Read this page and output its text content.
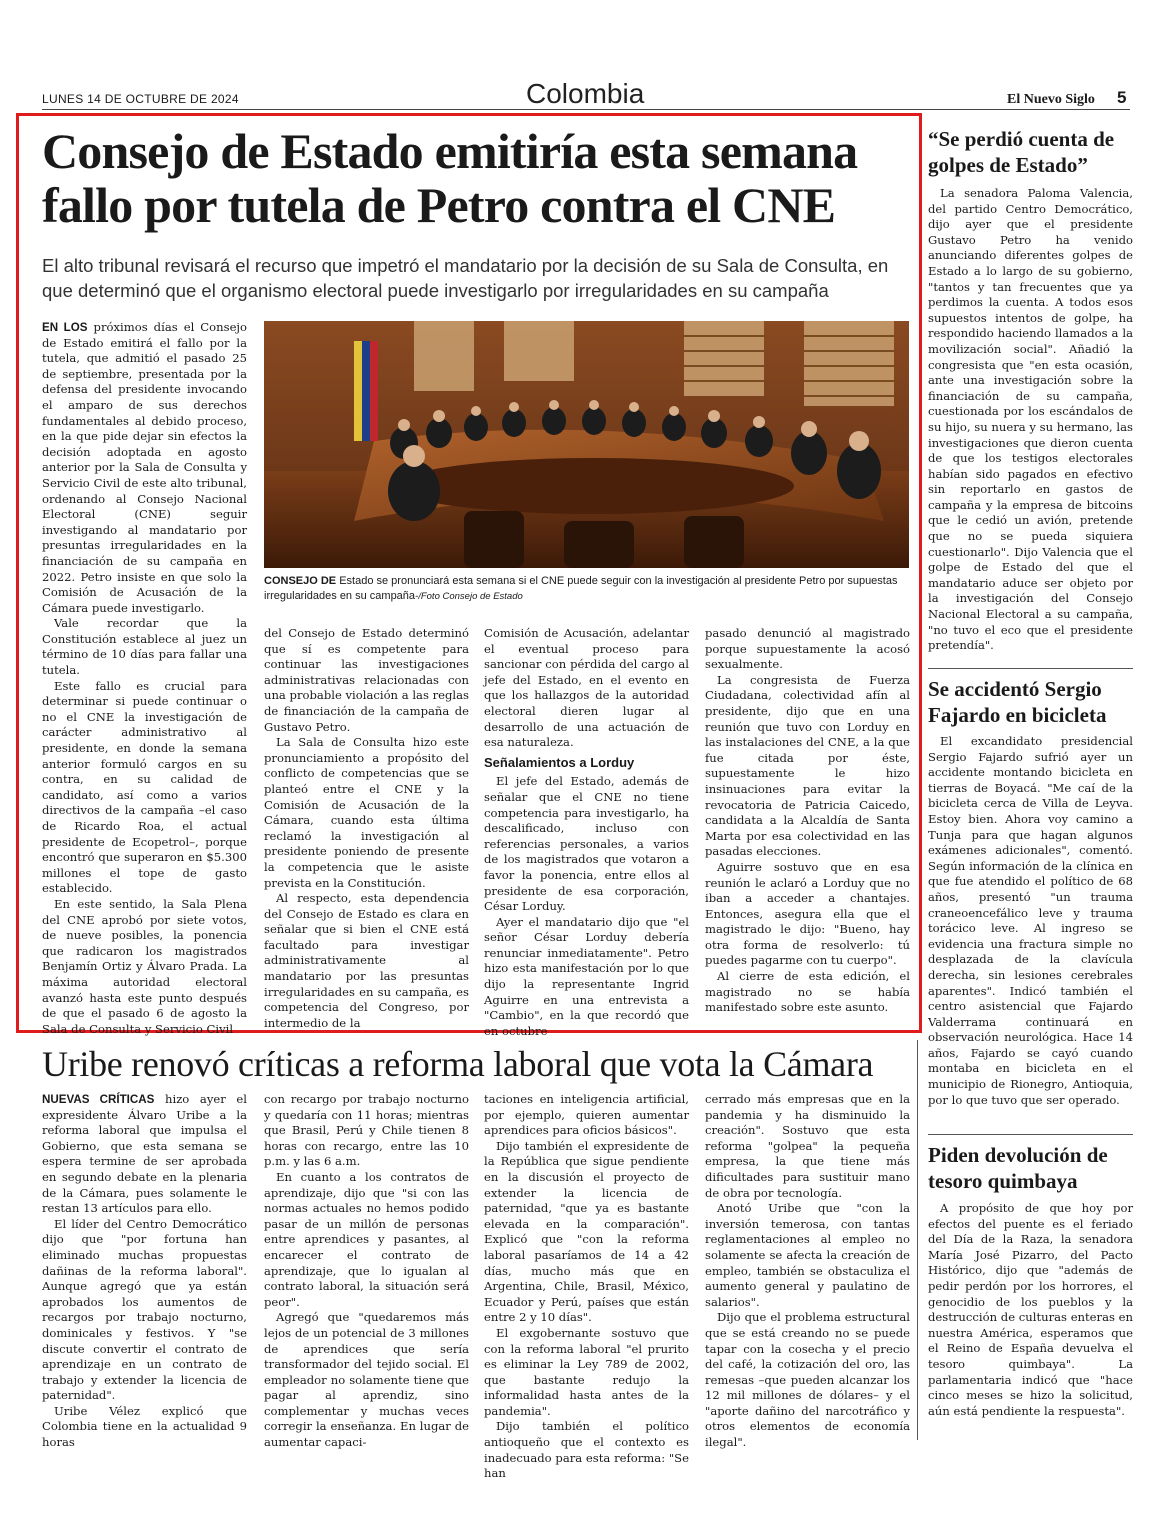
LUNES 14 DE OCTUBRE DE 2024	Colombia	El Nuevo Siglo 5
Consejo de Estado emitiría esta semana fallo por tutela de Petro contra el CNE
El alto tribunal revisará el recurso que impetró el mandatario por la decisión de su Sala de Consulta, en que determinó que el organismo electoral puede investigarlo por irregularidades en su campaña

EN LOS próximos días el Consejo de Estado emitirá el fallo por la tutela, que admitió el pasado 25 de septiembre, presentada por la defensa del presidente invocando el amparo de sus derechos fundamentales al debido proceso, en la que pide dejar sin efectos la decisión adoptada en agosto anterior por la Sala de Consulta y Servicio Civil de este alto tribunal, ordenando al Consejo Nacional Electoral (CNE) seguir investigando al mandatario por presuntas irregularidades en la financiación de su campaña en 2022. Petro insiste en que solo la Comisión de Acusación de la Cámara puede investigarlo.

Vale recordar que la Constitución establece al juez un término de 10 días para fallar una tutela.

Este fallo es crucial para determinar si puede continuar o no el CNE la investigación de carácter administrativo al presidente, en donde la semana anterior formuló cargos en su contra, en su calidad de candidato, así como a varios directivos de la campaña –el caso de Ricardo Roa, el actual presidente de Ecopetrol–, porque encontró que superaron en $5.300 millones el tope de gasto establecido.

En este sentido, la Sala Plena del CNE aprobó por siete votos, de nueve posibles, la ponencia que radicaron los magistrados Benjamín Ortiz y Álvaro Prada. La máxima autoridad electoral avanzó hasta este punto después de que el pasado 6 de agosto la Sala de Consulta y Servicio Civil

CONSEJO DE Estado se pronunciará esta semana si el CNE puede seguir con la investigación al presidente Petro por supuestas irregularidades en su campaña-/Foto Consejo de Estado

del Consejo de Estado determinó que sí es competente para continuar las investigaciones administrativas relacionadas con una probable violación a las reglas de financiación de la campaña de Gustavo Petro.

La Sala de Consulta hizo este pronunciamiento a propósito del conflicto de competencias que se planteó entre el CNE y la Comisión de Acusación de la Cámara, cuando esta última reclamó la investigación al presidente poniendo de presente la competencia que le asiste prevista en la Constitución.

Al respecto, esta dependencia del Consejo de Estado es clara en señalar que si bien el CNE está facultado para investigar administrativamente al mandatario por las presuntas irregularidades en su campaña, es competencia del Congreso, por intermedio de la

Comisión de Acusación, adelantar el eventual proceso para sancionar con pérdida del cargo al jefe del Estado, en el evento en que los hallazgos de la autoridad electoral dieren lugar al desarrollo de una actuación de esa naturaleza.

Señalamientos a Lorduy

El jefe del Estado, además de señalar que el CNE no tiene competencia para investigarlo, ha descalificado, incluso con referencias personales, a varios de los magistrados que votaron a favor la ponencia, entre ellos al presidente de esa corporación, César Lorduy.

Ayer el mandatario dijo que "el señor César Lorduy debería renunciar inmediatamente". Petro hizo esta manifestación por lo que dijo la representante Ingrid Aguirre en una entrevista a "Cambio", en la que recordó que en octubre

pasado denunció al magistrado porque supuestamente la acosó sexualmente.

La congresista de Fuerza Ciudadana, colectividad afín al presidente, dijo que en una reunión que tuvo con Lorduy en las instalaciones del CNE, a la que fue citada por éste, supuestamente le hizo insinuaciones para evitar la revocatoria de Patricia Caicedo, candidata a la Alcaldía de Santa Marta por esa colectividad en las pasadas elecciones.

Aguirre sostuvo que en esa reunión le aclaró a Lorduy que no iban a acceder a chantajes. Entonces, asegura ella que el magistrado le dijo: "Bueno, hay otra forma de resolverlo: tú puedes pagarme con tu cuerpo".

Al cierre de esta edición, el magistrado no se había manifestado sobre este asunto.

Uribe renovó críticas a reforma laboral que vota la Cámara

NUEVAS CRÍTICAS hizo ayer el expresidente Álvaro Uribe a la reforma laboral que impulsa el Gobierno, que esta semana se espera termine de ser aprobada en segundo debate en la plenaria de la Cámara, pues solamente le restan 13 artículos para ello.

El líder del Centro Democrático dijo que "por fortuna han eliminado muchas propuestas dañinas de la reforma laboral". Aunque agregó que ya están aprobados los aumentos de recargos por trabajo nocturno, dominicales y festivos. Y "se discute convertir el contrato de aprendizaje en un contrato de trabajo y extender la licencia de paternidad".

Uribe Vélez explicó que Colombia tiene en la actualidad 9 horas

con recargo por trabajo nocturno y quedaría con 11 horas; mientras que Brasil, Perú y Chile tienen 8 horas con recargo, entre las 10 p.m. y las 6 a.m.

En cuanto a los contratos de aprendizaje, dijo que "si con las normas actuales no hemos podido pasar de un millón de personas entre aprendices y pasantes, al encarecer el contrato de aprendizaje, que lo igualan al contrato laboral, la situación será peor".

Agregó que "quedaremos más lejos de un potencial de 3 millones de aprendices que sería transformador del tejido social. El empleador no solamente tiene que pagar al aprendiz, sino complementar y muchas veces corregir la enseñanza. En lugar de aumentar capaci-

taciones en inteligencia artificial, por ejemplo, quieren aumentar aprendices para oficios básicos".

Dijo también el expresidente de la República que sigue pendiente en la discusión el proyecto de extender la licencia de paternidad, "que ya es bastante elevada en la comparación". Explicó que "con la reforma laboral pasaríamos de 14 a 42 días, mucho más que en Argentina, Chile, Brasil, México, Ecuador y Perú, países que están entre 2 y 10 días".

El exgobernante sostuvo que con la reforma laboral "el prurito es eliminar la Ley 789 de 2002, que bastante redujo la informalidad hasta antes de la pandemia".

Dijo también el político antioqueño que el contexto es inadecuado para esta reforma: "Se han

cerrado más empresas que en la pandemia y ha disminuido la creación". Sostuvo que esta reforma "golpea" la pequeña empresa, la que tiene más dificultades para sustituir mano de obra por tecnología.

Anotó Uribe que "con la inversión temerosa, con tantas reglamentaciones al empleo no solamente se afecta la creación de empleo, también se obstaculiza el aumento general y paulatino de salarios".

Dijo que el problema estructural que se está creando no se puede tapar con la cosecha y el precio del café, la cotización del oro, las remesas –que pueden alcanzar los 12 mil millones de dólares– y el "aporte dañino del narcotráfico y otros elementos de economía ilegal".

“Se perdió cuenta de golpes de Estado”

La senadora Paloma Valencia, del partido Centro Democrático, dijo ayer que el presidente Gustavo Petro ha venido anunciando diferentes golpes de Estado a lo largo de su gobierno, "tantos y tan frecuentes que ya perdimos la cuenta. A todos esos supuestos intentos de golpe, ha respondido haciendo llamados a la movilización social". Añadió la congresista que "en esta ocasión, ante una investigación sobre la financiación de su campaña, cuestionada por los escándalos de su hijo, su nuera y su hermano, las investigaciones que dieron cuenta de que los testigos electorales habían sido pagados en efectivo sin reportarlo en gastos de campaña y la empresa de bitcoins que le cedió un avión, pretende que no se pueda siquiera cuestionarlo". Dijo Valencia que el golpe de Estado del que el mandatario aduce ser objeto por la investigación del Consejo Nacional Electoral a su campaña, "no tuvo el eco que el presidente pretendía".

Se accidentó Sergio Fajardo en bicicleta

El excandidato presidencial Sergio Fajardo sufrió ayer un accidente montando bicicleta en tierras de Boyacá. "Me caí de la bicicleta cerca de Villa de Leyva. Estoy bien. Ahora voy camino a Tunja para que hagan algunos exámenes adicionales", comentó. Según información de la clínica en que fue atendido el político de 68 años, presentó "un trauma craneoencefálico leve y trauma torácico leve. Al ingreso se evidencia una fractura simple no desplazada de la clavícula derecha, sin lesiones cerebrales aparentes". Indicó también el centro asistencial que Fajardo Valderrama continuará en observación neurológica. Hace 14 años, Fajardo se cayó cuando montaba en bicicleta en el municipio de Rionegro, Antioquia, por lo que tuvo que ser operado.

Piden devolución de tesoro quimbaya

A propósito de que hoy por efectos del puente es el feriado del Día de la Raza, la senadora María José Pizarro, del Pacto Histórico, dijo que "además de pedir perdón por los horrores, el genocidio de los pueblos y la destrucción de culturas enteras en nuestra América, esperamos que el Reino de España devuelva el tesoro quimbaya". La parlamentaria indicó que "hace cinco meses se hizo la solicitud, aún está pendiente la respuesta".
